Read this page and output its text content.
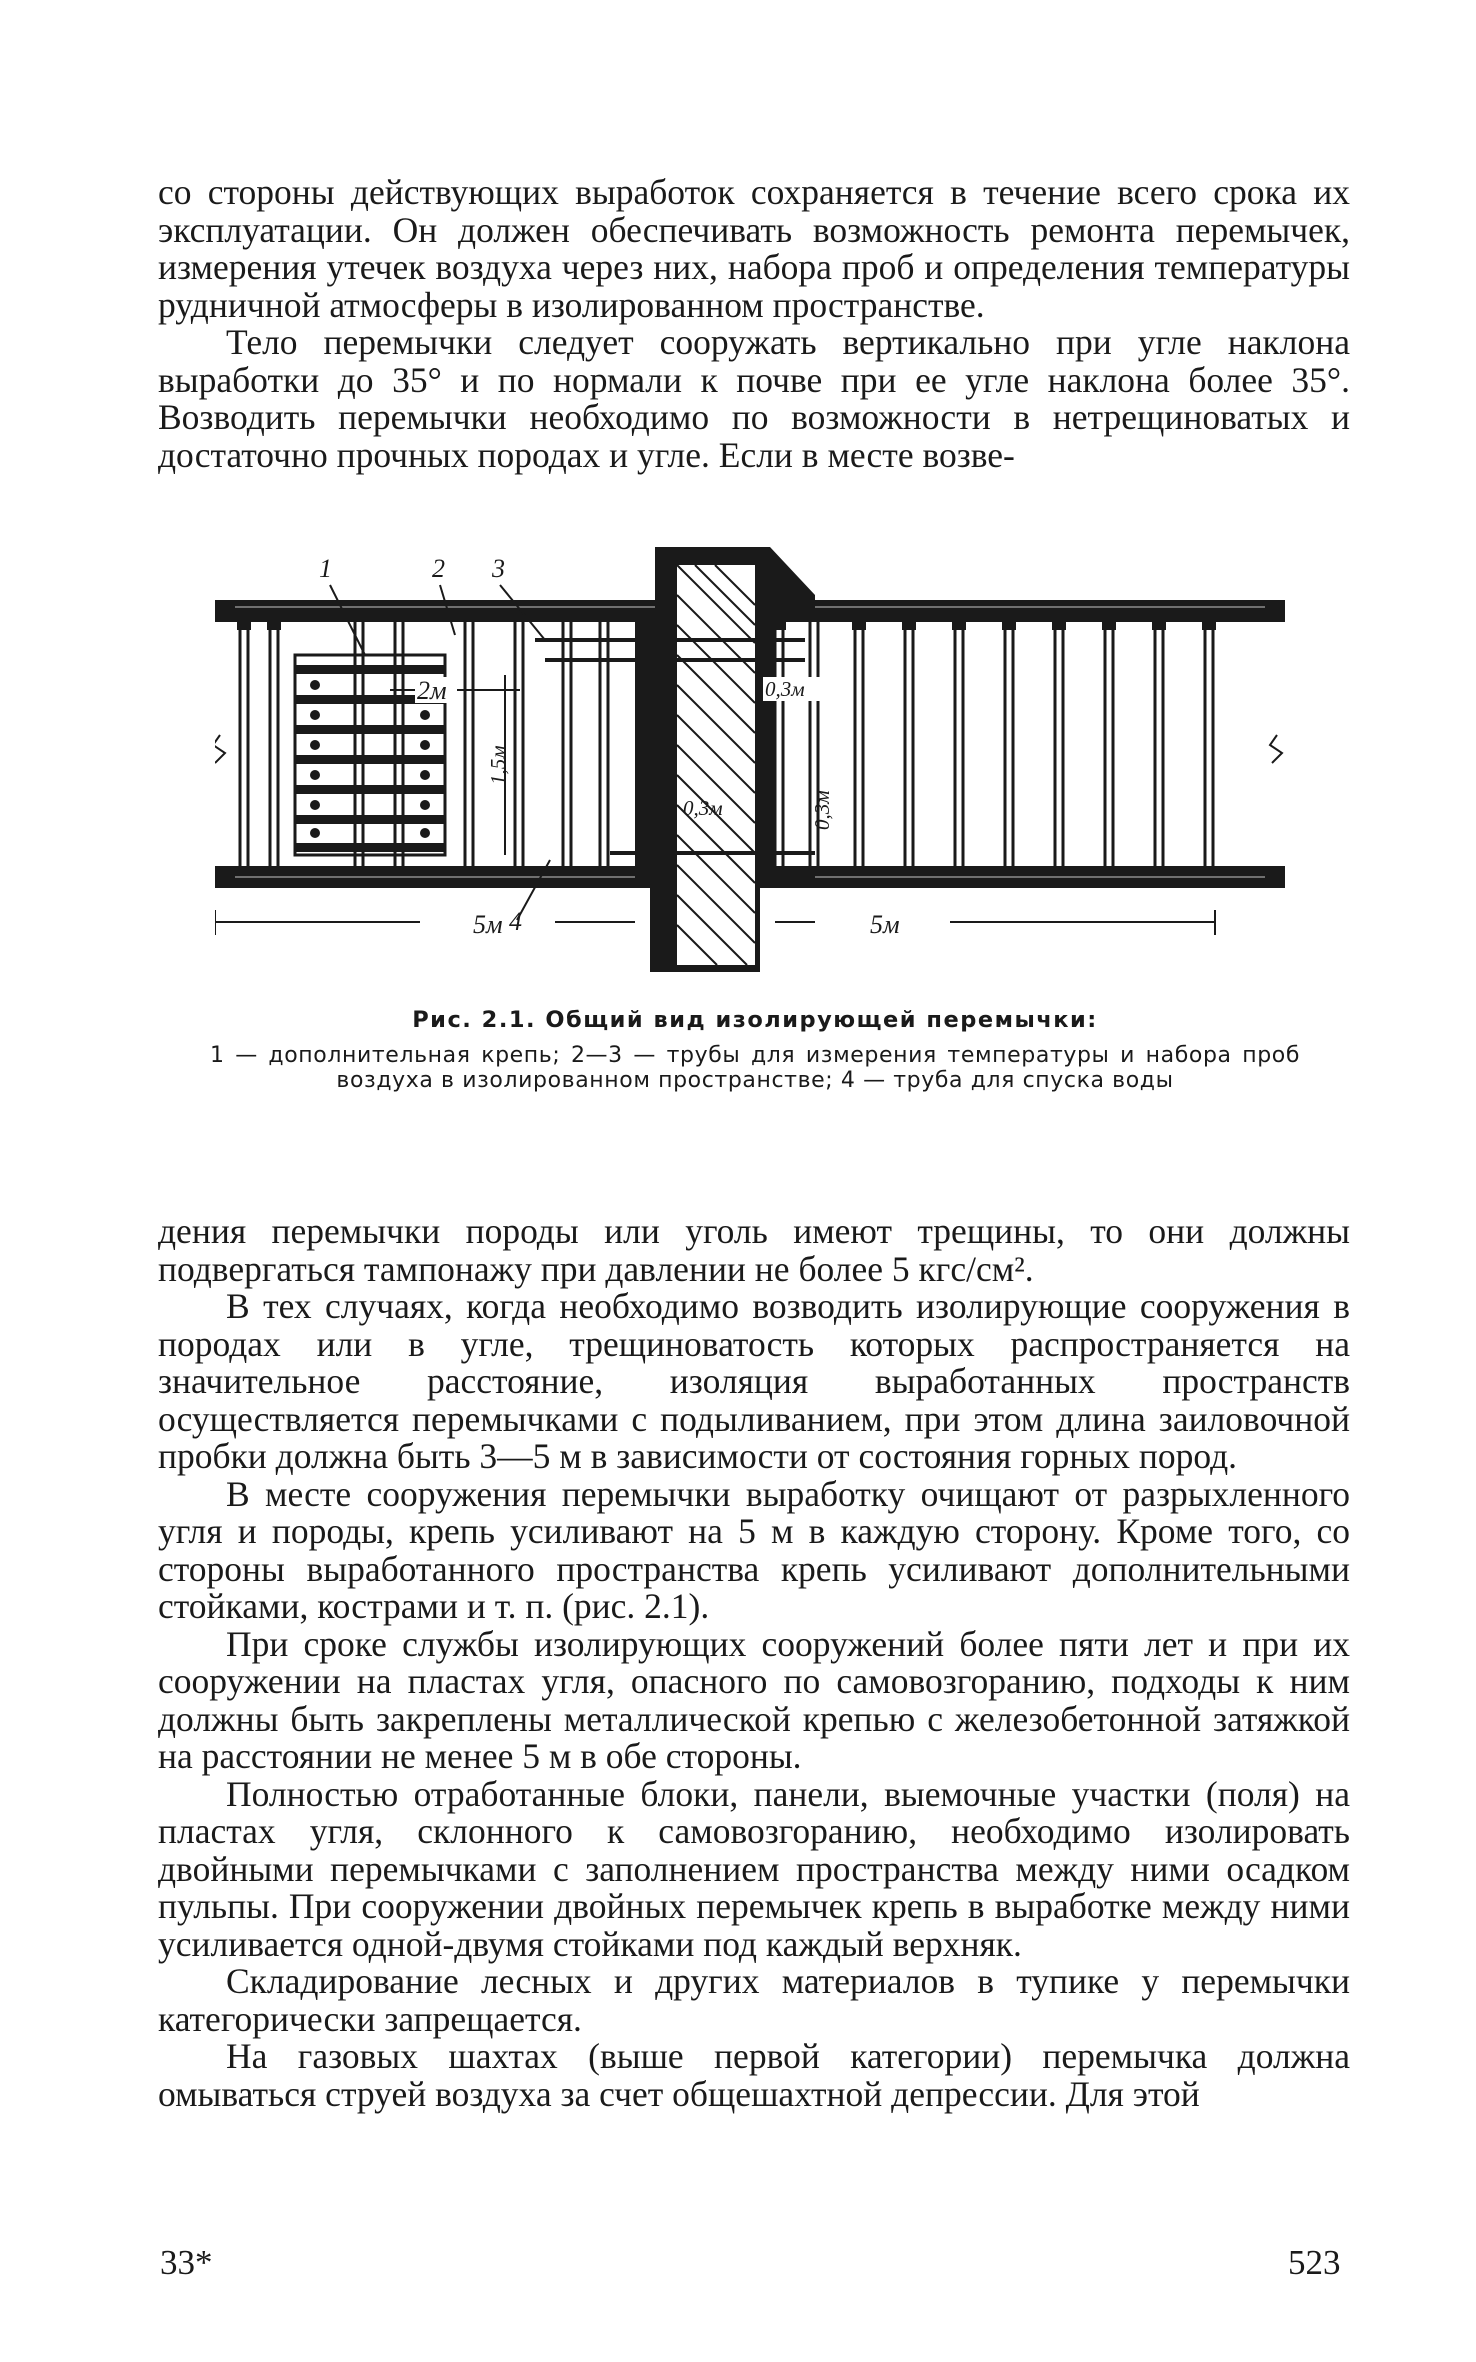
со стороны действующих выработок сохраняется в течение всего срока их эксплуатации. Он должен обеспечивать возможность ремонта перемычек, измерения утечек воздуха через них, набора проб и определения температуры рудничной атмосферы в изолированном пространстве.

Тело перемычки следует сооружать вертикально при угле наклона выработки до 35° и по нормали к почве при ее угле наклона более 35°. Возводить перемычки необходимо по возможности в нетрещиноватых и достаточно прочных породах и угле. Если в месте возве-

1	2 3
4
2м
1,5м
0,3м
0,3м	0,3м
5м	5м

Рис. 2.1. Общий вид изолирующей перемычки:

1 — дополнительная крепь; 2—3 — трубы для измерения температуры и набора проб воздуха в изолированном пространстве; 4 — труба для спуска воды

дения перемычки породы или уголь имеют трещины, то они должны подвергаться тампонажу при давлении не более 5 кгс/см².

В тех случаях, когда необходимо возводить изолирующие сооружения в породах или в угле, трещиноватость которых распространяется на значительное расстояние, изоляция выработанных пространств осуществляется перемычками с подыливанием, при этом длина заиловочной пробки должна быть 3—5 м в зависимости от состояния горных пород.

В месте сооружения перемычки выработку очищают от разрыхленного угля и породы, крепь усиливают на 5 м в каждую сторону. Кроме того, со стороны выработанного пространства крепь усиливают дополнительными стойками, кострами и т. п. (рис. 2.1).

При сроке службы изолирующих сооружений более пяти лет и при их сооружении на пластах угля, опасного по самовозгоранию, подходы к ним должны быть закреплены металлической крепью с железобетонной затяжкой на расстоянии не менее 5 м в обе стороны.

Полностью отработанные блоки, панели, выемочные участки (поля) на пластах угля, склонного к самовозгоранию, необходимо изолировать двойными перемычками с заполнением пространства между ними осадком пульпы. При сооружении двойных перемычек крепь в выработке между ними усиливается одной-двумя стойками под каждый верхняк.

Складирование лесных и других материалов в тупике у перемычки категорически запрещается.

На газовых шахтах (выше первой категории) перемычка должна омываться струей воздуха за счет общешахтной депрессии. Для этой

33*	523
